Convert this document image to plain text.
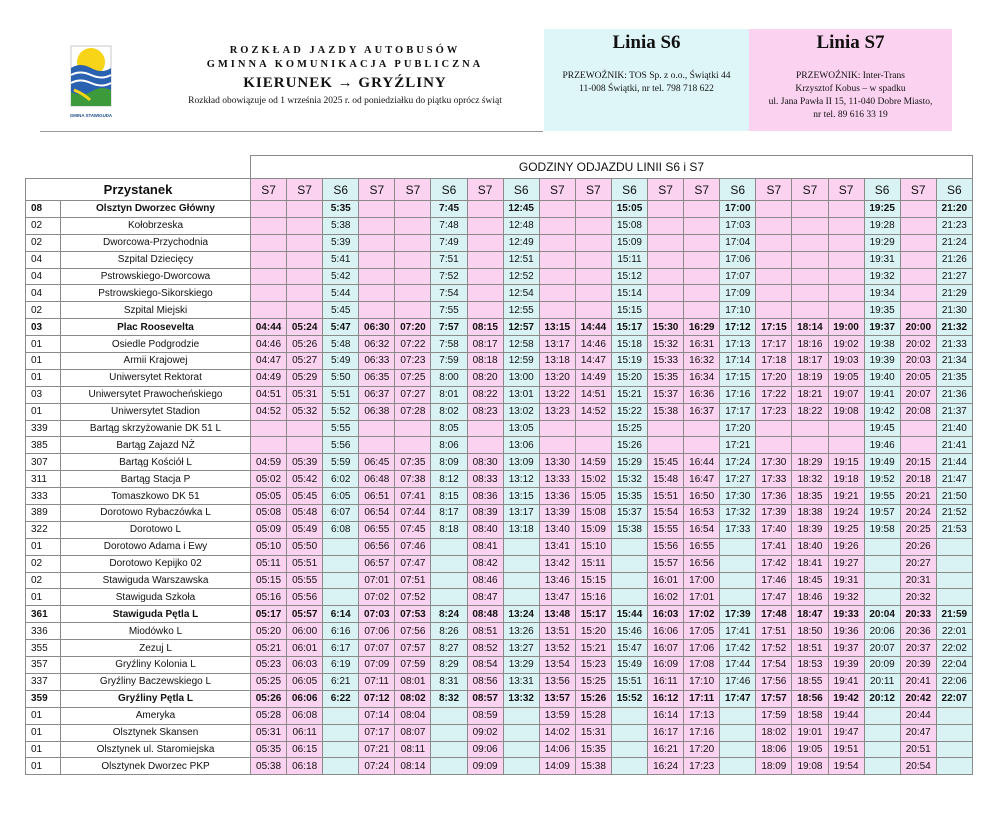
GMINA STAWIGUDA
ROZKŁAD JAZDY AUTOBUSÓW
GMINNA KOMUNIKACJA PUBLICZNA
KIERUNEK → GRYŹLINY
Rozkład obowiązuje od 1 września 2025 r. od poniedziałku do piątku oprócz świąt
Linia S6
PRZEWOŹNIK: TOS Sp. z o.o., Świątki 44
11-008 Świątki, nr tel. 798 718 622
Linia S7
PRZEWOŹNIK: Inter-Trans
Krzysztof Kobus – w spadku
ul. Jana Pawła II 15, 11-040 Dobre Miasto,
nr tel. 89 616 33 19
		GODZINY ODJAZDU LINII S6 i S7																			
Przystanek		S7	S7	S6	S7	S7	S6	S7	S6	S7	S7	S6	S7	S7	S6	S7	S7	S7	S6	S7	S6
08	Olsztyn Dworzec Główny			5:35			7:45		12:45			15:05			17:00				19:25		21:20
02	Kołobrzeska			5:38			7:48		12:48			15:08			17:03				19:28		21:23
02	Dworcowa-Przychodnia			5:39			7:49		12:49			15:09			17:04				19:29		21:24
04	Szpital Dziecięcy			5:41			7:51		12:51			15:11			17:06				19:31		21:26
04	Pstrowskiego-Dworcowa			5:42			7:52		12:52			15:12			17:07				19:32		21:27
04	Pstrowskiego-Sikorskiego			5:44			7:54		12:54			15:14			17:09				19:34		21:29
02	Szpital Miejski			5:45			7:55		12:55			15:15			17:10				19:35		21:30
03	Plac Roosevelta	04:44	05:24	5:47	06:30	07:20	7:57	08:15	12:57	13:15	14:44	15:17	15:30	16:29	17:12	17:15	18:14	19:00	19:37	20:00	21:32
01	Osiedle Podgrodzie	04:46	05:26	5:48	06:32	07:22	7:58	08:17	12:58	13:17	14:46	15:18	15:32	16:31	17:13	17:17	18:16	19:02	19:38	20:02	21:33
01	Armii Krajowej	04:47	05:27	5:49	06:33	07:23	7:59	08:18	12:59	13:18	14:47	15:19	15:33	16:32	17:14	17:18	18:17	19:03	19:39	20:03	21:34
01	Uniwersytet Rektorat	04:49	05:29	5:50	06:35	07:25	8:00	08:20	13:00	13:20	14:49	15:20	15:35	16:34	17:15	17:20	18:19	19:05	19:40	20:05	21:35
03	Uniwersytet Prawocheńskiego	04:51	05:31	5:51	06:37	07:27	8:01	08:22	13:01	13:22	14:51	15:21	15:37	16:36	17:16	17:22	18:21	19:07	19:41	20:07	21:36
01	Uniwersytet Stadion	04:52	05:32	5:52	06:38	07:28	8:02	08:23	13:02	13:23	14:52	15:22	15:38	16:37	17:17	17:23	18:22	19:08	19:42	20:08	21:37
339	Bartąg skrzyżowanie DK 51 L			5:55			8:05		13:05			15:25			17:20				19:45		21:40
385	Bartąg Zajazd NŻ			5:56			8:06		13:06			15:26			17:21				19:46		21:41
307	Bartąg Kościół L	04:59	05:39	5:59	06:45	07:35	8:09	08:30	13:09	13:30	14:59	15:29	15:45	16:44	17:24	17:30	18:29	19:15	19:49	20:15	21:44
311	Bartąg Stacja P	05:02	05:42	6:02	06:48	07:38	8:12	08:33	13:12	13:33	15:02	15:32	15:48	16:47	17:27	17:33	18:32	19:18	19:52	20:18	21:47
333	Tomaszkowo DK 51	05:05	05:45	6:05	06:51	07:41	8:15	08:36	13:15	13:36	15:05	15:35	15:51	16:50	17:30	17:36	18:35	19:21	19:55	20:21	21:50
389	Dorotowo Rybaczówka L	05:08	05:48	6:07	06:54	07:44	8:17	08:39	13:17	13:39	15:08	15:37	15:54	16:53	17:32	17:39	18:38	19:24	19:57	20:24	21:52
322	Dorotowo L	05:09	05:49	6:08	06:55	07:45	8:18	08:40	13:18	13:40	15:09	15:38	15:55	16:54	17:33	17:40	18:39	19:25	19:58	20:25	21:53
01	Dorotowo Adama i Ewy	05:10	05:50		06:56	07:46		08:41		13:41	15:10		15:56	16:55		17:41	18:40	19:26		20:26	
02	Dorotowo Kepijko 02	05:11	05:51		06:57	07:47		08:42		13:42	15:11		15:57	16:56		17:42	18:41	19:27		20:27	
02	Stawiguda Warszawska	05:15	05:55		07:01	07:51		08:46		13:46	15:15		16:01	17:00		17:46	18:45	19:31		20:31	
01	Stawiguda Szkoła	05:16	05:56		07:02	07:52		08:47		13:47	15:16		16:02	17:01		17:47	18:46	19:32		20:32	
361	Stawiguda Pętla L	05:17	05:57	6:14	07:03	07:53	8:24	08:48	13:24	13:48	15:17	15:44	16:03	17:02	17:39	17:48	18:47	19:33	20:04	20:33	21:59
336	Miodówko L	05:20	06:00	6:16	07:06	07:56	8:26	08:51	13:26	13:51	15:20	15:46	16:06	17:05	17:41	17:51	18:50	19:36	20:06	20:36	22:01
355	Zezuj L	05:21	06:01	6:17	07:07	07:57	8:27	08:52	13:27	13:52	15:21	15:47	16:07	17:06	17:42	17:52	18:51	19:37	20:07	20:37	22:02
357	Gryźliny Kolonia L	05:23	06:03	6:19	07:09	07:59	8:29	08:54	13:29	13:54	15:23	15:49	16:09	17:08	17:44	17:54	18:53	19:39	20:09	20:39	22:04
337	Gryźliny Baczewskiego L	05:25	06:05	6:21	07:11	08:01	8:31	08:56	13:31	13:56	15:25	15:51	16:11	17:10	17:46	17:56	18:55	19:41	20:11	20:41	22:06
359	Gryźliny Pętla L	05:26	06:06	6:22	07:12	08:02	8:32	08:57	13:32	13:57	15:26	15:52	16:12	17:11	17:47	17:57	18:56	19:42	20:12	20:42	22:07
01	Ameryka	05:28	06:08		07:14	08:04		08:59		13:59	15:28		16:14	17:13		17:59	18:58	19:44		20:44	
01	Olsztynek Skansen	05:31	06:11		07:17	08:07		09:02		14:02	15:31		16:17	17:16		18:02	19:01	19:47		20:47	
01	Olsztynek ul. Staromiejska	05:35	06:15		07:21	08:11		09:06		14:06	15:35		16:21	17:20		18:06	19:05	19:51		20:51	
01	Olsztynek Dworzec PKP	05:38	06:18		07:24	08:14		09:09		14:09	15:38		16:24	17:23		18:09	19:08	19:54		20:54	
